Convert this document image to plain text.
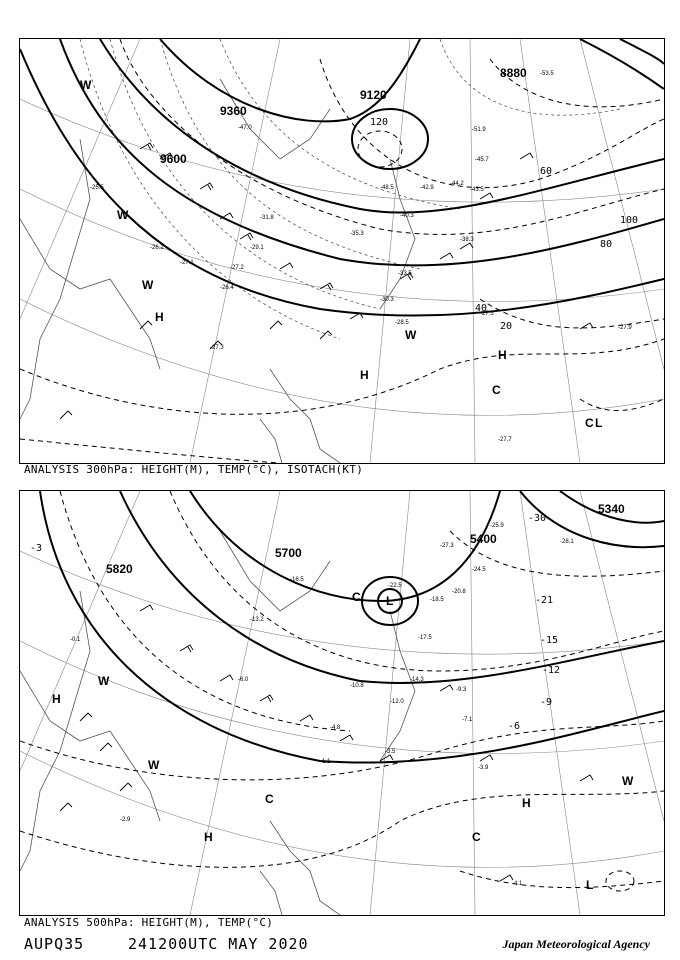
8880
9120
9360
9600
20
40
60
80
100
120
H
H
H
L
C
C
W
W
W
W
-25.5
-26.2
-26.4
-27.1
-27.2
-27.3
-27.5
-27.7
-27.9
-28.5
-29.1
-30.3
-31.8
-33.5
-35.3
-38.3
-40.3
-42.9	-43.5
-44.2
-45.7
-47.0
-48.5
-51.9
-53.5
ANALYSIS 300hPa: HEIGHT(M), TEMP(°C), ISOTACH(KT)
5340
5400
5700
5820
-3
-6
-9
-12
-15
-21
-30
H
H
H
L
L
C
C
C
W
W
W
-0.1
-1.1
-2.9
-3.5
-3.9
-4.1
-4.8
-6.0
-7.1
-9.3
-10.8
-12.0
-13.2
-14.3
-16.5
-17.5
-18.5
-20.8
-22.5
-24.5
-25.9
-27.3
-28.1
ANALYSIS 500hPa: HEIGHT(M), TEMP(°C)
AUPQ35	241200UTC MAY 2020	Japan Meteorological Agency
